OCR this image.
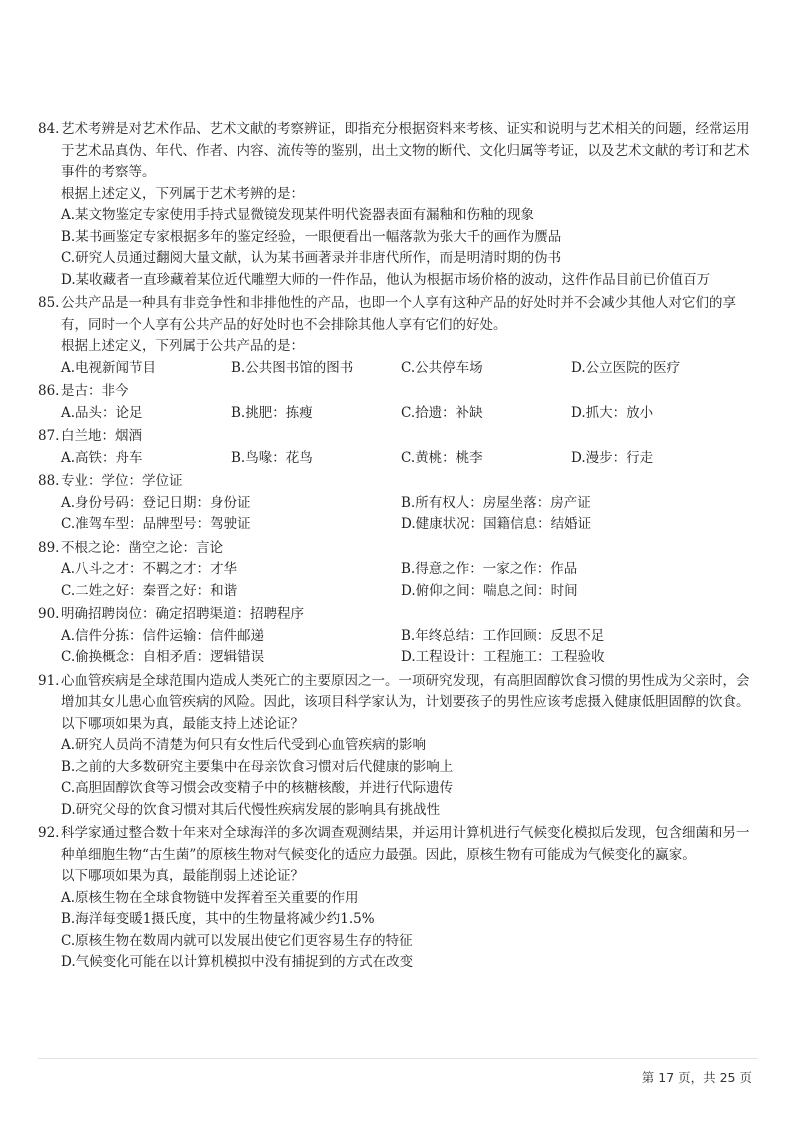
84. 艺术考辨是对艺术作品、艺术文献的考察辨证，即指充分根据资料来考核、证实和说明与艺术相关的问题，经常运用于艺术品真伪、年代、作者、内容、流传等的鉴别，出土文物的断代、文化归属等考证，以及艺术文献的考订和艺术事件的考察等。
根据上述定义，下列属于艺术考辨的是：
A.某文物鉴定专家使用手持式显微镜发现某件明代瓷器表面有漏釉和伤釉的现象
B.某书画鉴定专家根据多年的鉴定经验，一眼便看出一幅落款为张大千的画作为赝品
C.研究人员通过翻阅大量文献，认为某书画著录并非唐代所作，而是明清时期的伪书
D.某收藏者一直珍藏着某位近代雕塑大师的一件作品，他认为根据市场价格的波动，这件作品目前已价值百万
85. 公共产品是一种具有非竞争性和非排他性的产品，也即一个人享有这种产品的好处时并不会减少其他人对它们的享有，同时一个人享有公共产品的好处时也不会排除其他人享有它们的好处。
根据上述定义，下列属于公共产品的是：
A.电视新闻节目	B.公共图书馆的图书	C.公共停车场	D.公立医院的医疗
86. 是古：非今
A.品头：论足	B.挑肥：拣瘦	C.拾遗：补缺	D.抓大：放小
87. 白兰地：烟酒
A.高铁：舟车	B.鸟喙：花鸟	C.黄桃：桃李	D.漫步：行走
88. 专业：学位：学位证
A.身份号码：登记日期：身份证	B.所有权人：房屋坐落：房产证
C.准驾车型：品牌型号：驾驶证	D.健康状况：国籍信息：结婚证
89. 不根之论：凿空之论：言论
A.八斗之才：不羁之才：才华	B.得意之作：一家之作：作品
C.二姓之好：秦晋之好：和谐	D.俯仰之间：喘息之间：时间
90. 明确招聘岗位：确定招聘渠道：招聘程序
A.信件分拣：信件运输：信件邮递	B.年终总结：工作回顾：反思不足
C.偷换概念：自相矛盾：逻辑错误	D.工程设计：工程施工：工程验收
91. 心血管疾病是全球范围内造成人类死亡的主要原因之一。一项研究发现，有高胆固醇饮食习惯的男性成为父亲时，会增加其女儿患心血管疾病的风险。因此，该项目科学家认为，计划要孩子的男性应该考虑摄入健康低胆固醇的饮食。
以下哪项如果为真，最能支持上述论证？
A.研究人员尚不清楚为何只有女性后代受到心血管疾病的影响
B.之前的大多数研究主要集中在母亲饮食习惯对后代健康的影响上
C.高胆固醇饮食等习惯会改变精子中的核糖核酸，并进行代际遗传
D.研究父母的饮食习惯对其后代慢性疾病发展的影响具有挑战性
92. 科学家通过整合数十年来对全球海洋的多次调查观测结果，并运用计算机进行气候变化模拟后发现，包含细菌和另一种单细胞生物“古生菌”的原核生物对气候变化的适应力最强。因此，原核生物有可能成为气候变化的赢家。
以下哪项如果为真，最能削弱上述论证？
A.原核生物在全球食物链中发挥着至关重要的作用
B.海洋每变暖1摄氏度，其中的生物量将减少约1.5%
C.原核生物在数周内就可以发展出使它们更容易生存的特征
D.气候变化可能在以计算机模拟中没有捕捉到的方式在改变
第 17 页，共 25 页
